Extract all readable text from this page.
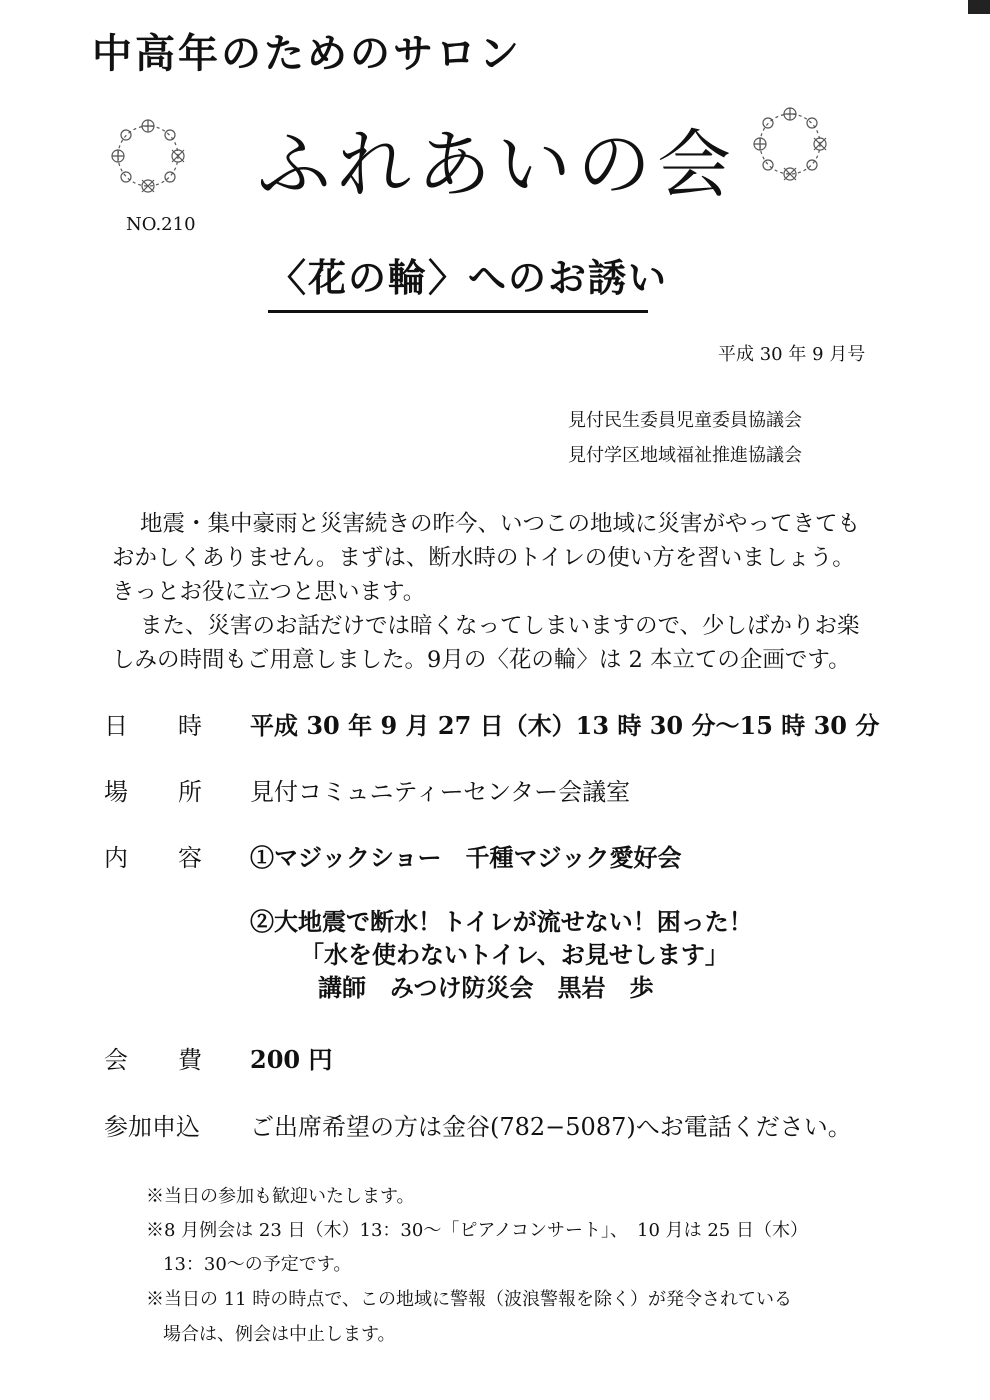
中高年のためのサロン
ふれあいの会
NO.210
〈花の輪〉へのお誘い
平成 30 年 9 月号
見付民生委員児童委員協議会
見付学区地域福祉推進協議会
地震・集中豪雨と災害続きの昨今、いつこの地域に災害がやってきても
おかしくありません。まずは、断水時のトイレの使い方を習いましょう。
きっとお役に立つと思います。
また、災害のお話だけでは暗くなってしまいますので、少しばかりお楽
しみの時間もご用意しました。9月の〈花の輪〉は 2 本立ての企画です。
日 時 平成 30 年 9 月 27 日（木）13 時 30 分〜15 時 30 分
場 所 見付コミュニティーセンター会議室
内 容 ①マジックショー　千種マジック愛好会
②大地震で断水！トイレが流せない！困った！
「水を使わないトイレ、お見せします」
講師　みつけ防災会　黒岩　歩
会 費 200 円
参加申込 ご出席希望の方は金谷(782−5087)へお電話ください。
※当日の参加も歓迎いたします。
※8 月例会は 23 日（木）13：30〜「ピアノコンサート」、　10 月は 25 日（木）
13：30〜の予定です。
※当日の 11 時の時点で、この地域に警報（波浪警報を除く）が発令されている
場合は、例会は中止します。
